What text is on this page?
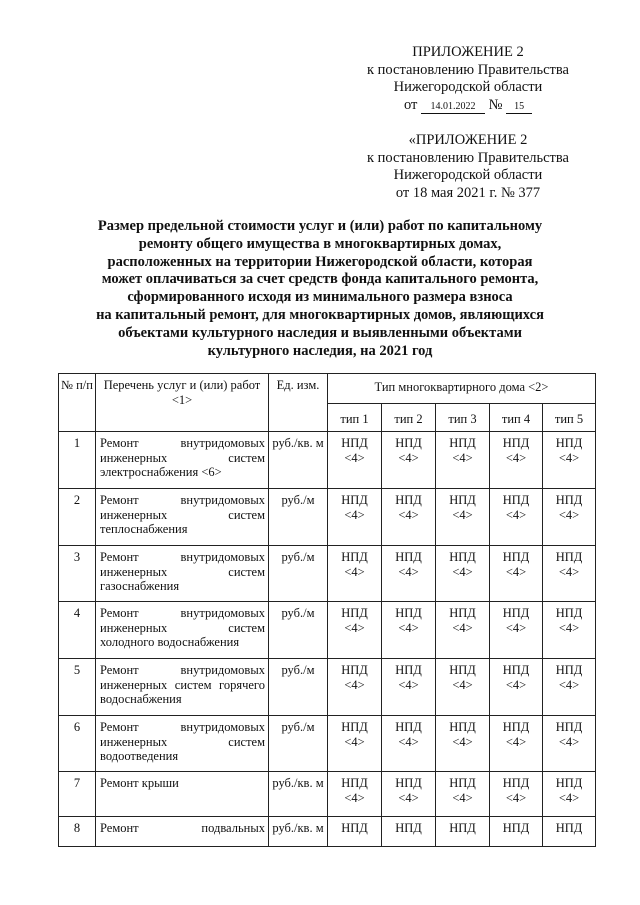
ПРИЛОЖЕНИЕ 2
к постановлению Правительства
Нижегородской области
от 14.01.2022 № 15
«ПРИЛОЖЕНИЕ 2
к постановлению Правительства
Нижегородской области
от 18 мая 2021 г. № 377
Размер предельной стоимости услуг и (или) работ по капитальному
ремонту общего имущества в многоквартирных домах,
расположенных на территории Нижегородской области, которая
может оплачиваться за счет средств фонда капитального ремонта,
сформированного исходя из минимального размера взноса
на капитальный ремонт, для многоквартирных домов, являющихся
объектами культурного наследия и выявленными объектами
культурного наследия, на 2021 год
№ п/п	Перечень услуг и (или) работ <1>	Ед. изм.	Тип многоквартирного дома <2>				
			тип 1	тип 2	тип 3	тип 4	тип 5
1	Ремонт внутридомовых
инженерных систем
электроснабжения <6>	руб./кв. м	НПД
<4>	НПД
<4>	НПД
<4>	НПД
<4>	НПД
<4>

2	Ремонт внутридомовых
инженерных систем
теплоснабжения	руб./м	НПД
<4>	НПД
<4>	НПД
<4>	НПД
<4>	НПД
<4>

3	Ремонт внутридомовых
инженерных систем
газоснабжения	руб./м	НПД
<4>	НПД
<4>	НПД
<4>	НПД
<4>	НПД
<4>

4	Ремонт внутридомовых
инженерных систем
холодного водоснабжения	руб./м	НПД
<4>	НПД
<4>	НПД
<4>	НПД
<4>	НПД
<4>

5	Ремонт внутридомовых
инженерных систем горячего
водоснабжения	руб./м	НПД
<4>	НПД
<4>	НПД
<4>	НПД
<4>	НПД
<4>

6	Ремонт внутридомовых
инженерных систем
водоотведения	руб./м	НПД
<4>	НПД
<4>	НПД
<4>	НПД
<4>	НПД
<4>

7	Ремонт крыши	руб./кв. м	НПД
<4>	НПД
<4>	НПД
<4>	НПД
<4>	НПД
<4>

8	Ремонт подвальных	руб./кв. м	НПД	НПД	НПД	НПД	НПД
